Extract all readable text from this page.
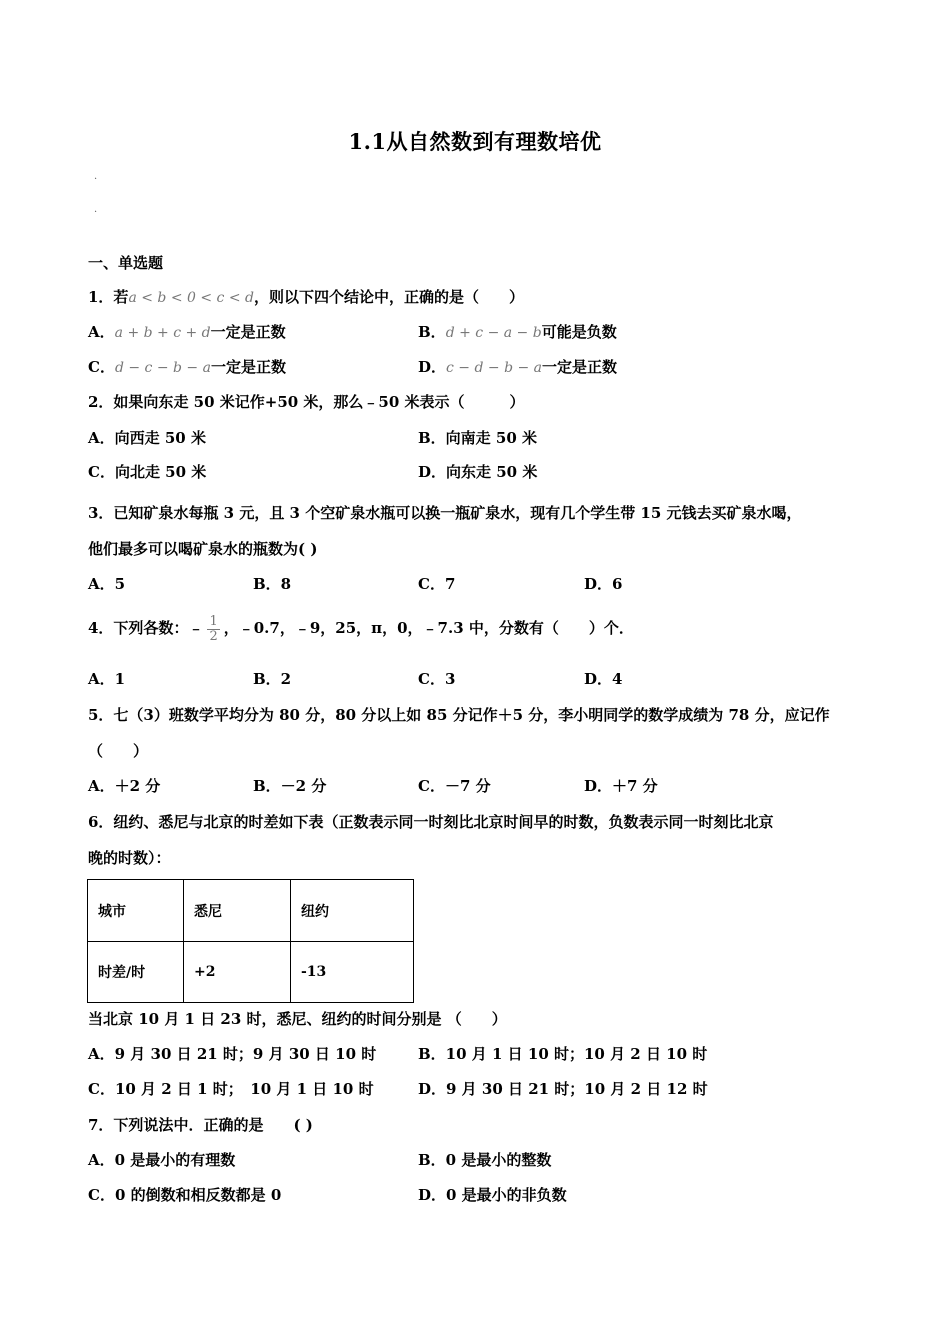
1.1从自然数到有理数培优
·
·
一、单选题
1．若a < b < 0 < c < d，则以下四个结论中，正确的是（　　）
A．a + b + c + d一定是正数	B．d + c − a − b可能是负数
C．d − c − b − a一定是正数	D．c − d − b − a一定是正数
2．如果向东走 50 米记作+50 米，那么﹣50 米表示（　　　）
A．向西走 50 米	B．向南走 50 米
C．向北走 50 米	D．向东走 50 米
3．已知矿泉水每瓶 3 元，且 3 个空矿泉水瓶可以换一瓶矿泉水，现有几个学生带 15 元钱去买矿泉水喝，
他们最多可以喝矿泉水的瓶数为( )
A．5	B．8	C．7	D．6
4．下列各数：﹣ $\frac{1}{2}$ ，﹣0.7，﹣9，25，π，0，﹣7.3 中，分数有（　　）个．
A．1	B．2	C．3	D．4
5．七（3）班数学平均分为 80 分，80 分以上如 85 分记作＋5 分，李小明同学的数学成绩为 78 分，应记作
（　　）
A．＋2 分	B．－2 分	C．－7 分	D．＋7 分
6．纽约、悉尼与北京的时差如下表（正数表示同一时刻比北京时间早的时数，负数表示同一时刻比北京
晚的时数）：
城市	悉尼	纽约
时差/时	+2	-13
当北京 10 月 1 日 23 时，悉尼、纽约的时间分别是 （　　）
A．9 月 30 日 21 时；9 月 30 日 10 时	B．10 月 1 日 10 时；10 月 2 日 10 时
C．10 月 2 日 1 时；　10 月 1 日 10 时	D．9 月 30 日 21 时；10 月 2 日 12 时
7．下列说法中．正确的是　　( )
A．0 是最小的有理数	B．0 是最小的整数
C．0 的倒数和相反数都是 0	D．0 是最小的非负数
